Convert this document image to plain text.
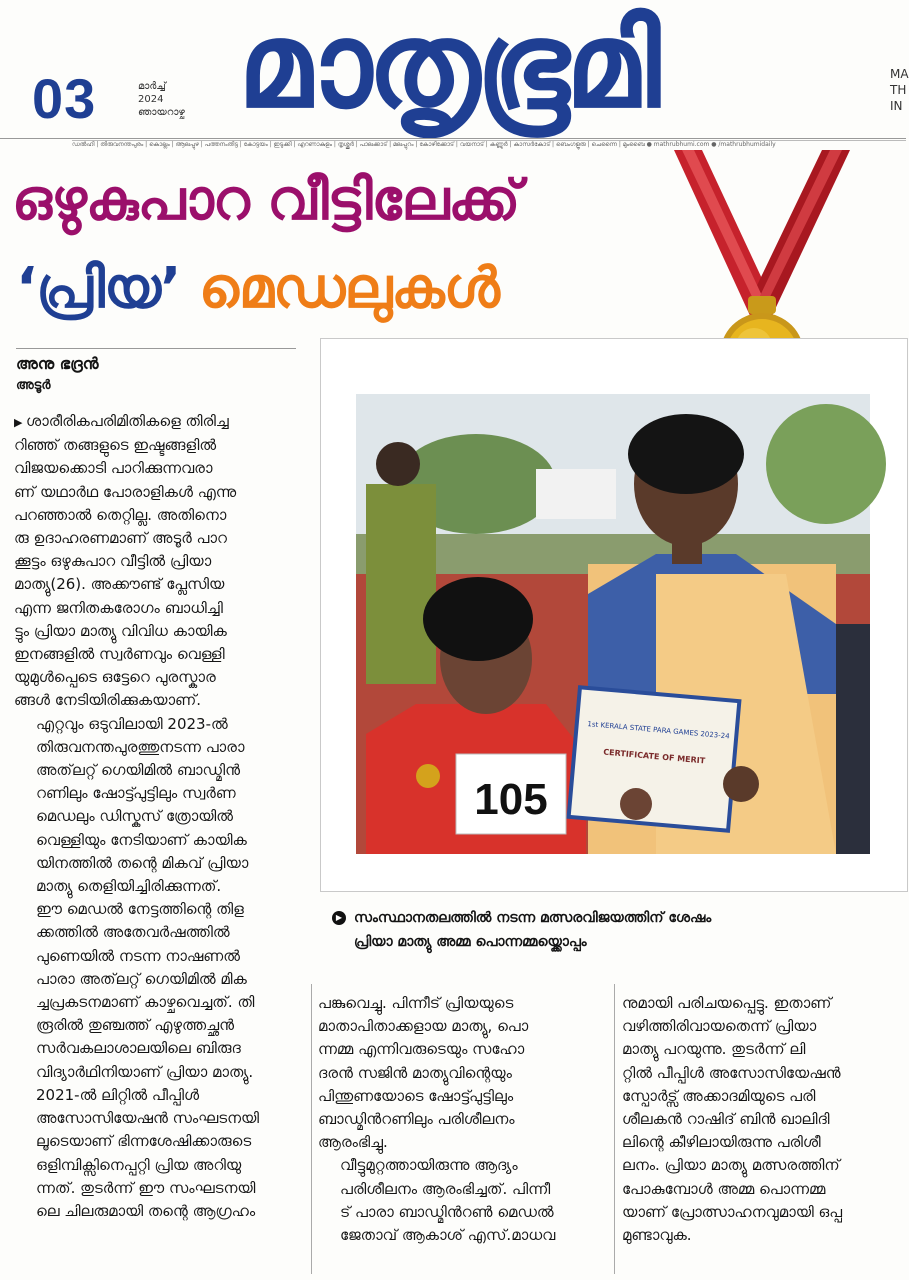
03	മാർച്ച്
2024
ഞായറാഴ്ച മാതൃഭൂമി	MA
TH
IN
ഡൽഹി | തിരുവനന്തപുരം | കൊല്ലം | ആലപ്പുഴ | പത്തനംതിട്ട | കോട്ടയം | ഇടുക്കി | എറണാകുളം | തൃശ്ശൂർ | പാലക്കാട് | മലപ്പുറം | കോഴിക്കോട് | വയനാട് | കണ്ണൂർ | കാസർകോട് | ബെംഗളൂരു | ചെന്നൈ | മുംബൈ ● mathrubhumi.com ● /mathrubhumidaily
ഒഴുകുപാറ വീട്ടിലേക്ക്
‘പ്രിയ’ മെഡലുകൾ
അനു ഭദ്രൻ
അടൂർ
▶ ശാരീരികപരിമിതികളെ തിരിച്ച
റിഞ്ഞ് തങ്ങളുടെ ഇഷ്ടങ്ങളിൽ
വിജയക്കൊടി പാറിക്കുന്നവരാ
ണ് യഥാർഥ പോരാളികൾ എന്നു
പറഞ്ഞാൽ തെറ്റില്ല. അതിനൊ
രു ഉദാഹരണമാണ് അടൂർ പാറ
ക്കൂട്ടം ഒഴുകുപാറ വീട്ടിൽ പ്രിയാ
മാത്യു(26). അക്കൗണ്ട് പ്ലേസിയ
എന്ന ജനിതകരോഗം ബാധിച്ചി
ട്ടും പ്രിയാ മാത്യു വിവിധ കായിക
ഇനങ്ങളിൽ സ്വർണവും വെള്ളി
യുമുൾപ്പെടെ ഒട്ടേറെ പുരസ്കാര
ങ്ങൾ നേടിയിരിക്കുകയാണ്.
എറ്റവും ഒടുവിലായി 2023-ൽ
തിരുവനന്തപുരത്തുനടന്ന പാരാ
അത്‌ലറ്റ് ഗെയിമിൽ ബാഡ്മിൻ
റണിലും ഷോട്ട്പുട്ടിലും സ്വർണ
മെഡലും ഡിസ്കസ് ത്രോയിൽ
വെള്ളിയും നേടിയാണ് കായിക
യിനത്തിൽ തന്റെ മികവ് പ്രിയാ
മാത്യു തെളിയിച്ചിരിക്കുന്നത്.
ഈ മെഡൽ നേട്ടത്തിന്റെ തിള
ക്കത്തിൽ അതേവർഷത്തിൽ
പുണെയിൽ നടന്ന നാഷണൽ
പാരാ അത്‌ലറ്റ് ഗെയിമിൽ മിക
ച്ചപ്രകടനമാണ് കാഴ്ചവെച്ചത്. തി
രൂരിൽ തുഞ്ചത്ത് എഴുത്തച്ഛൻ
സർവകലാശാലയിലെ ബിരുദ
വിദ്യാർഥിനിയാണ് പ്രിയാ മാത്യു.
2021-ൽ ലിറ്റിൽ പീപ്പിൾ
അസോസിയേഷൻ സംഘടനയി
ലൂടെയാണ് ഭിന്നശേഷിക്കാരുടെ
ഒളിമ്പിക്സിനെപ്പറ്റി പ്രിയ അറിയു
ന്നത്. തുടർന്ന് ഈ സംഘടനയി
ലെ ചിലരുമായി തന്റെ ആഗ്രഹം
105
1st KERALA STATE PARA GAMES 2023-24
CERTIFICATE OF MERIT
▶ സംസ്ഥാനതലത്തിൽ നടന്ന മത്സരവിജയത്തിന് ശേഷം
പ്രിയാ മാത്യു അമ്മ പൊന്നമ്മയ്ക്കൊപ്പം
പങ്കുവെച്ചു. പിന്നീട് പ്രിയയുടെ
മാതാപിതാക്കളായ മാത്യു, പൊ
ന്നമ്മ എന്നിവരുടെയും സഹോ
ദരൻ സജിൻ മാത്യുവിന്റെയും
പിന്തുണയോടെ ഷോട്ട്പുട്ടിലും
ബാഡ്മിൻറണിലും പരിശീലനം
ആരംഭിച്ചു.
വീട്ടുമുറ്റത്തായിരുന്നു ആദ്യം
പരിശീലനം ആരംഭിച്ചത്. പിന്നീ
ട് പാരാ ബാഡ്മിൻറൺ മെഡൽ
ജേതാവ് ആകാശ് എസ്.മാധവ
നുമായി പരിചയപ്പെട്ടു. ഇതാണ്
വഴിത്തിരിവായതെന്ന് പ്രിയാ
മാത്യു പറയുന്നു. തുടർന്ന് ലി
റ്റിൽ പീപ്പിൾ അസോസിയേഷൻ
സ്പോർട്സ് അക്കാദമിയുടെ പരി
ശീലകൻ റാഷിദ് ബിൻ ഖാലിദി
ലിന്റെ കീഴിലായിരുന്നു പരിശീ
ലനം. പ്രിയാ മാത്യു മത്സരത്തിന്
പോകുമ്പോൾ അമ്മ പൊന്നമ്മ
യാണ് പ്രോത്സാഹനവുമായി ഒപ്പ
മുണ്ടാവുക.
